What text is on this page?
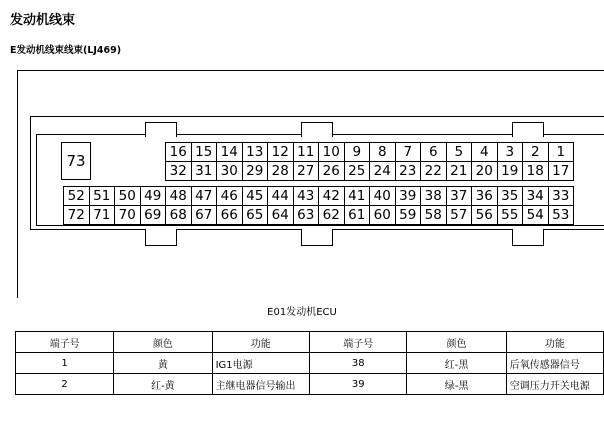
发动机线束
E发动机线束线束(LJ469)
73
16	15	14	13	12	11	10	9	8	7	6	5	4	3	2	1
32	31	30	29	28	27	26	25	24	23	22	21	20	19	18	17
52	51	50	49	48	47	46	45	44	43	42	41	40	39	38	37	36	35	34	33
72	71	70	69	68	67	66	65	64	63	62	61	60	59	58	57	56	55	54	53
E01发动机ECU
端子号	颜色	功能	端子号	颜色	功能
1	黄	IG1电源	38	红-黑	后氧传感器信号
2	红-黄	主继电器信号输出	39	绿-黑	空调压力开关电源
